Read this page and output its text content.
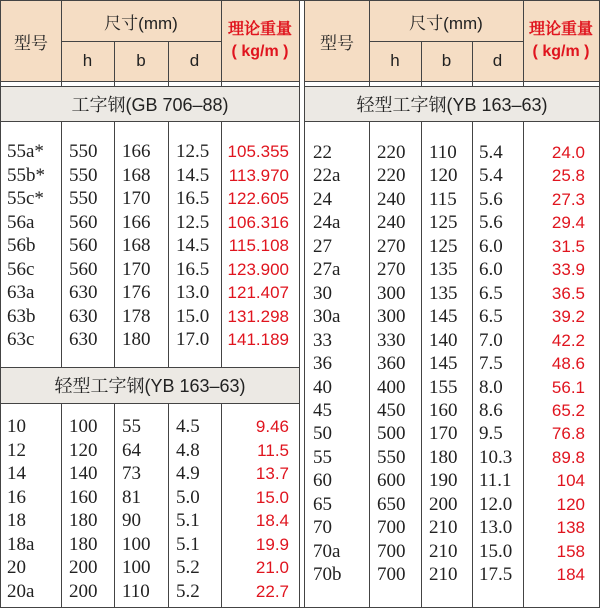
型号
尺寸(mm)
h	b	d
理论重量
( kg/m )
工字钢(GB 706–88)
55a*	550	166	12.5	105.355
55b*	550	168	14.5	113.970
55c*	550	170	16.5	122.605
56a	560	166	12.5	106.316
56b	560	168	14.5	115.108
56c	560	170	16.5	123.900
63a	630	176	13.0	121.407
63b	630	178	15.0	131.298
63c	630	180	17.0	141.189
轻型工字钢(YB 163–63)
10	100	55	4.5	9.46
12	120	64	4.8	11.5
14	140	73	4.9	13.7
16	160	81	5.0	15.0
18	180	90	5.1	18.4
18a	180	100	5.1	19.9
20	200	100	5.2	21.0
20a	200	110	5.2	22.7
型号
尺寸(mm)
h	b	d
理论重量
( kg/m )
轻型工字钢(YB 163–63)
22	220	110	5.4	24.0
22a	220	120	5.4	25.8
24	240	115	5.6	27.3
24a	240	125	5.6	29.4
27	270	125	6.0	31.5
27a	270	135	6.0	33.9
30	300	135	6.5	36.5
30a	300	145	6.5	39.2
33	330	140	7.0	42.2
36	360	145	7.5	48.6
40	400	155	8.0	56.1
45	450	160	8.6	65.2
50	500	170	9.5	76.8
55	550	180	10.3	89.8
60	600	190	11.1	104
65	650	200	12.0	120
70	700	210	13.0	138
70a	700	210	15.0	158
70b	700	210	17.5	184
